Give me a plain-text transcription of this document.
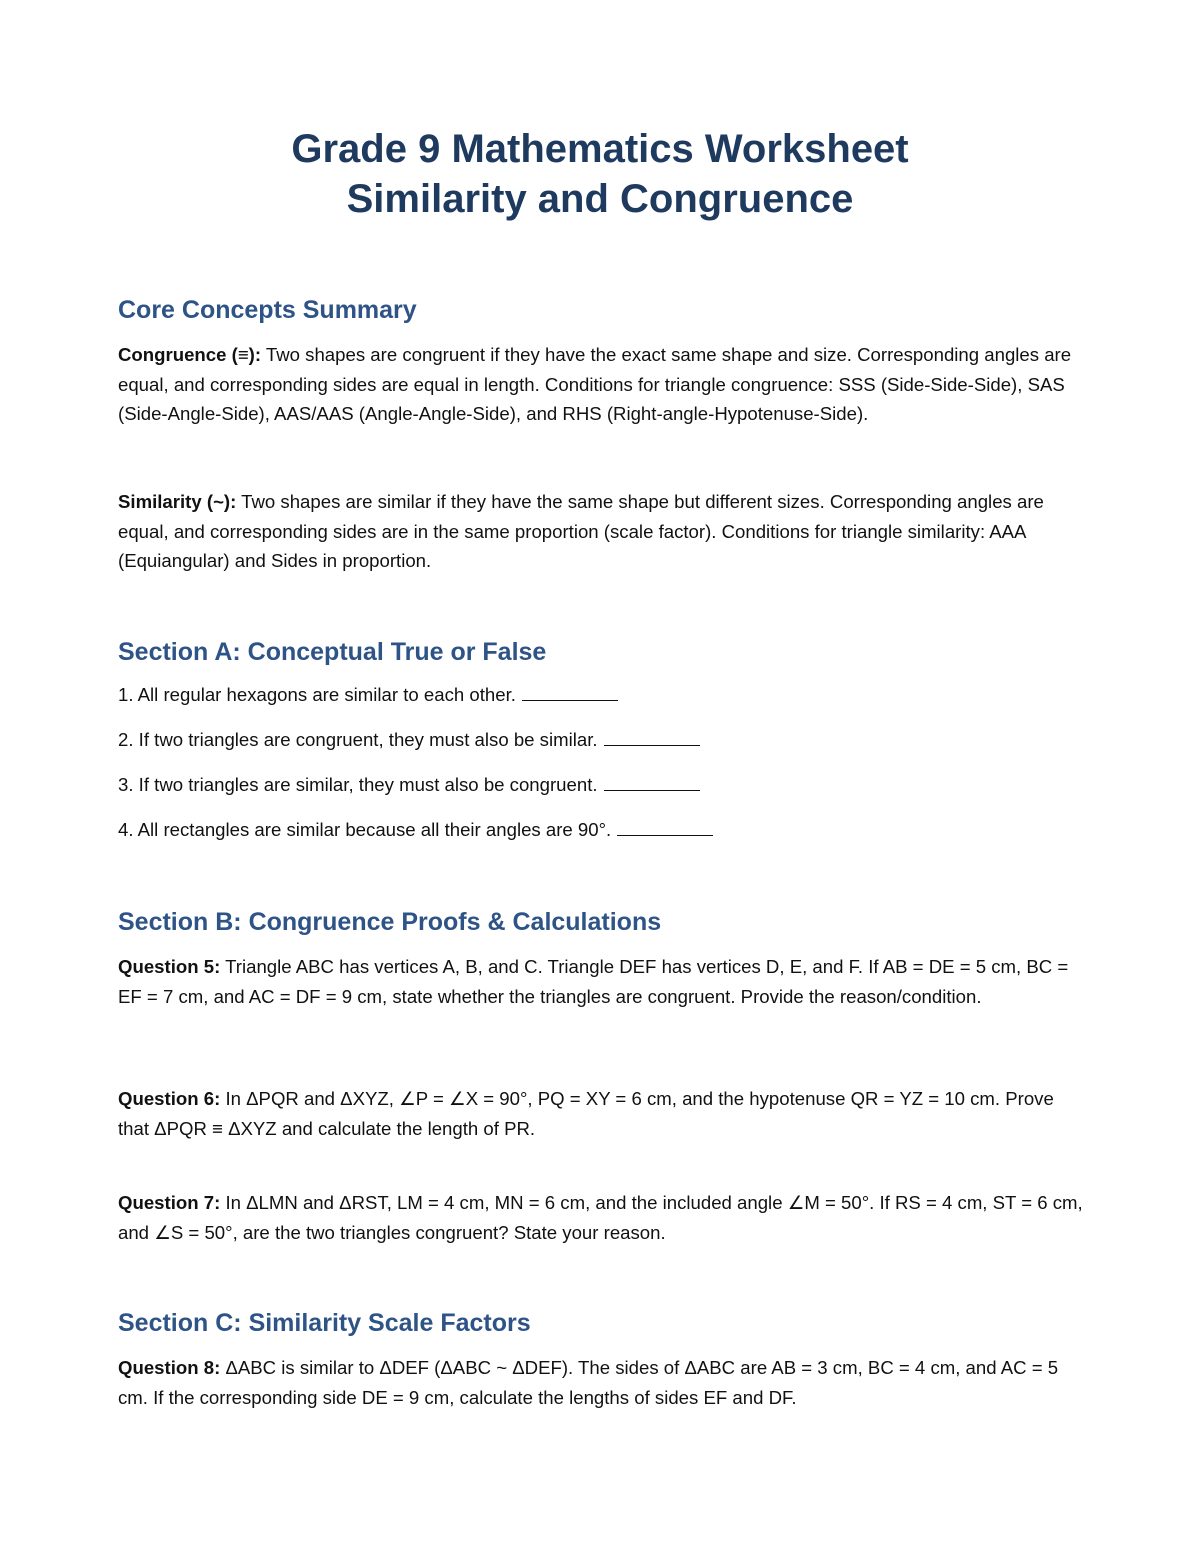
Grade 9 Mathematics Worksheet
Similarity and Congruence
Core Concepts Summary

Congruence (≡): Two shapes are congruent if they have the exact same shape and size. Corresponding angles are equal, and corresponding sides are equal in length. Conditions for triangle congruence: SSS (Side-Side-Side), SAS (Side-Angle-Side), AAS/AAS (Angle-Angle-Side), and RHS (Right-angle-Hypotenuse-Side).

Similarity (~): Two shapes are similar if they have the same shape but different sizes. Corresponding angles are equal, and corresponding sides are in the same proportion (scale factor). Conditions for triangle similarity: AAA (Equiangular) and Sides in proportion.

Section A: Conceptual True or False

1. All regular hexagons are similar to each other.

2. If two triangles are congruent, they must also be similar.

3. If two triangles are similar, they must also be congruent.

4. All rectangles are similar because all their angles are 90°.

Section B: Congruence Proofs & Calculations

Question 5: Triangle ABC has vertices A, B, and C. Triangle DEF has vertices D, E, and F. If AB = DE = 5 cm, BC = EF = 7 cm, and AC = DF = 9 cm, state whether the triangles are congruent. Provide the reason/condition.

Question 6: In ΔPQR and ΔXYZ, ∠P = ∠X = 90°, PQ = XY = 6 cm, and the hypotenuse QR = YZ = 10 cm. Prove that ΔPQR ≡ ΔXYZ and calculate the length of PR.

Question 7: In ΔLMN and ΔRST, LM = 4 cm, MN = 6 cm, and the included angle ∠M = 50°. If RS = 4 cm, ST = 6 cm, and ∠S = 50°, are the two triangles congruent? State your reason.

Section C: Similarity Scale Factors

Question 8: ΔABC is similar to ΔDEF (ΔABC ~ ΔDEF). The sides of ΔABC are AB = 3 cm, BC = 4 cm, and AC = 5 cm. If the corresponding side DE = 9 cm, calculate the lengths of sides EF and DF.
